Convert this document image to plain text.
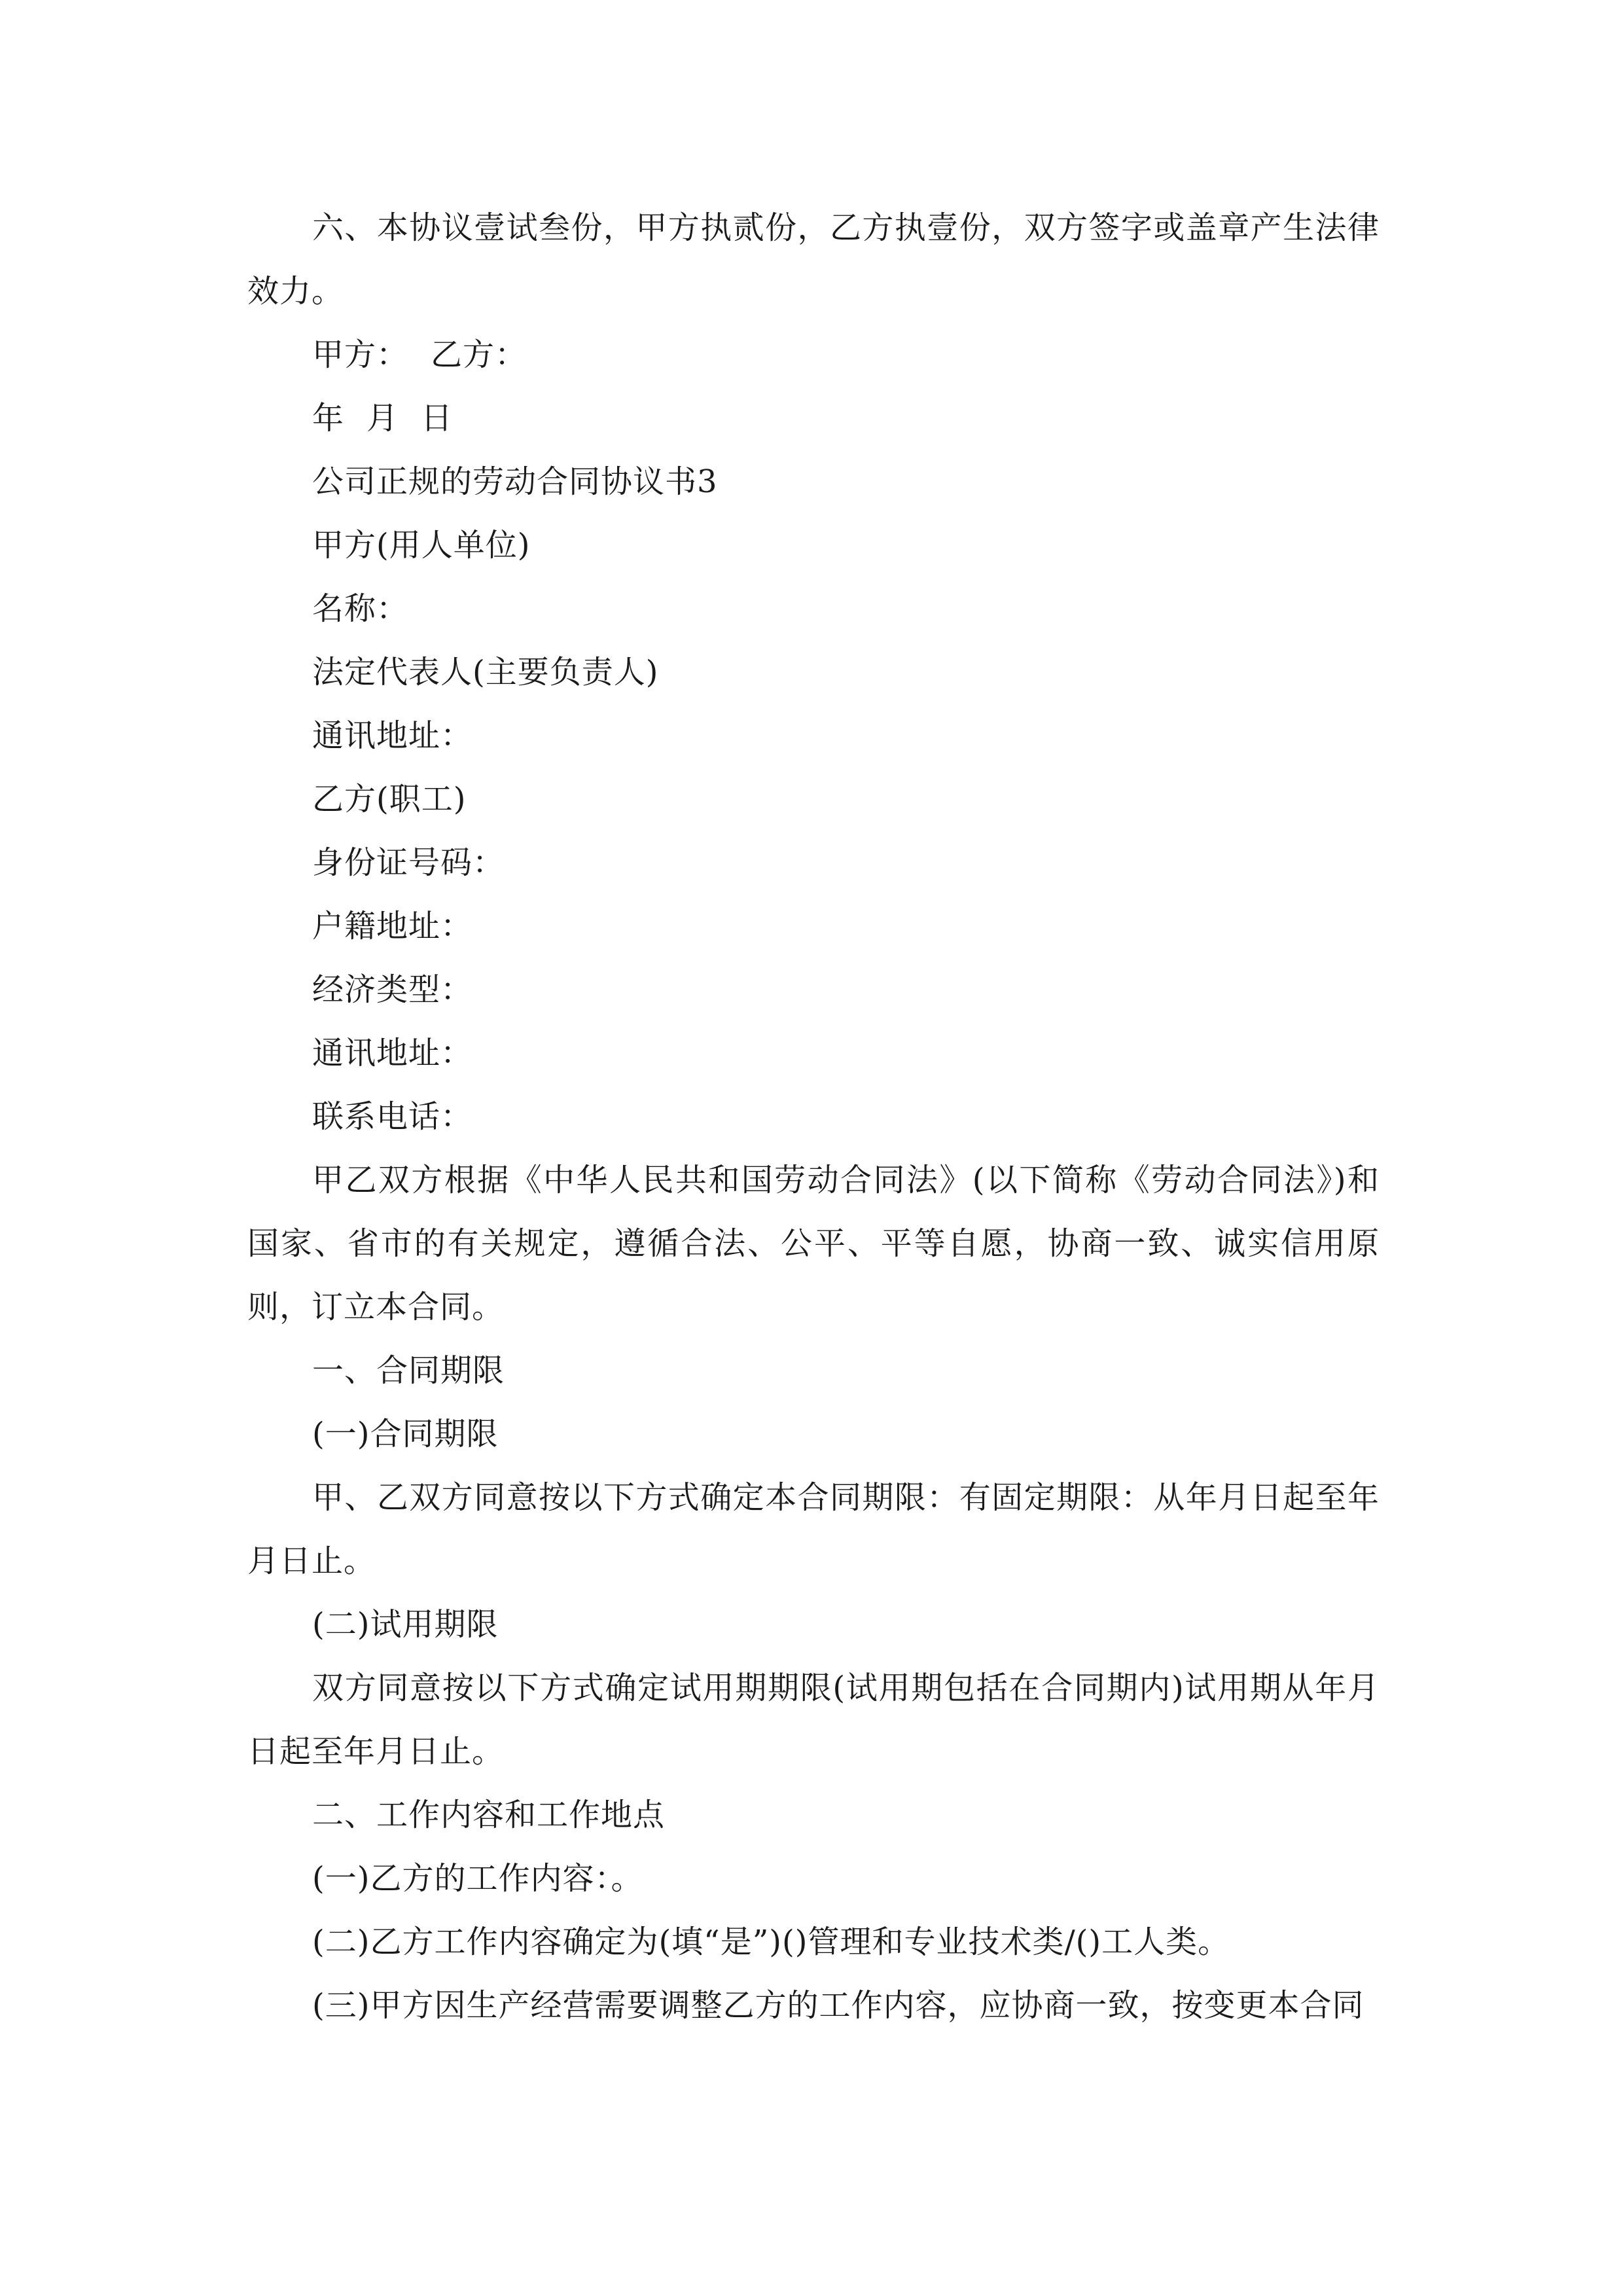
六、本协议壹试叁份，甲方执贰份，乙方执壹份，双方签字或盖章产生法律效力。

甲方： 乙方：

年 月 日

公司正规的劳动合同协议书3

甲方(用人单位)

名称：

法定代表人(主要负责人)

通讯地址：

乙方(职工)

身份证号码：

户籍地址：

经济类型：

通讯地址：

联系电话：

甲乙双方根据《中华人民共和国劳动合同法》(以下简称《劳动合同法》)和国家、省市的有关规定，遵循合法、公平、平等自愿，协商一致、诚实信用原则，订立本合同。

一、合同期限

(一)合同期限

甲、乙双方同意按以下方式确定本合同期限：有固定期限：从年月日起至年月日止。

(二)试用期限

双方同意按以下方式确定试用期期限(试用期包括在合同期内)试用期从年月日起至年月日止。

二、工作内容和工作地点

(一)乙方的工作内容：。

(二)乙方工作内容确定为(填“是”)()管理和专业技术类/()工人类。

(三)甲方因生产经营需要调整乙方的工作内容，应协商一致，按变更本合同
